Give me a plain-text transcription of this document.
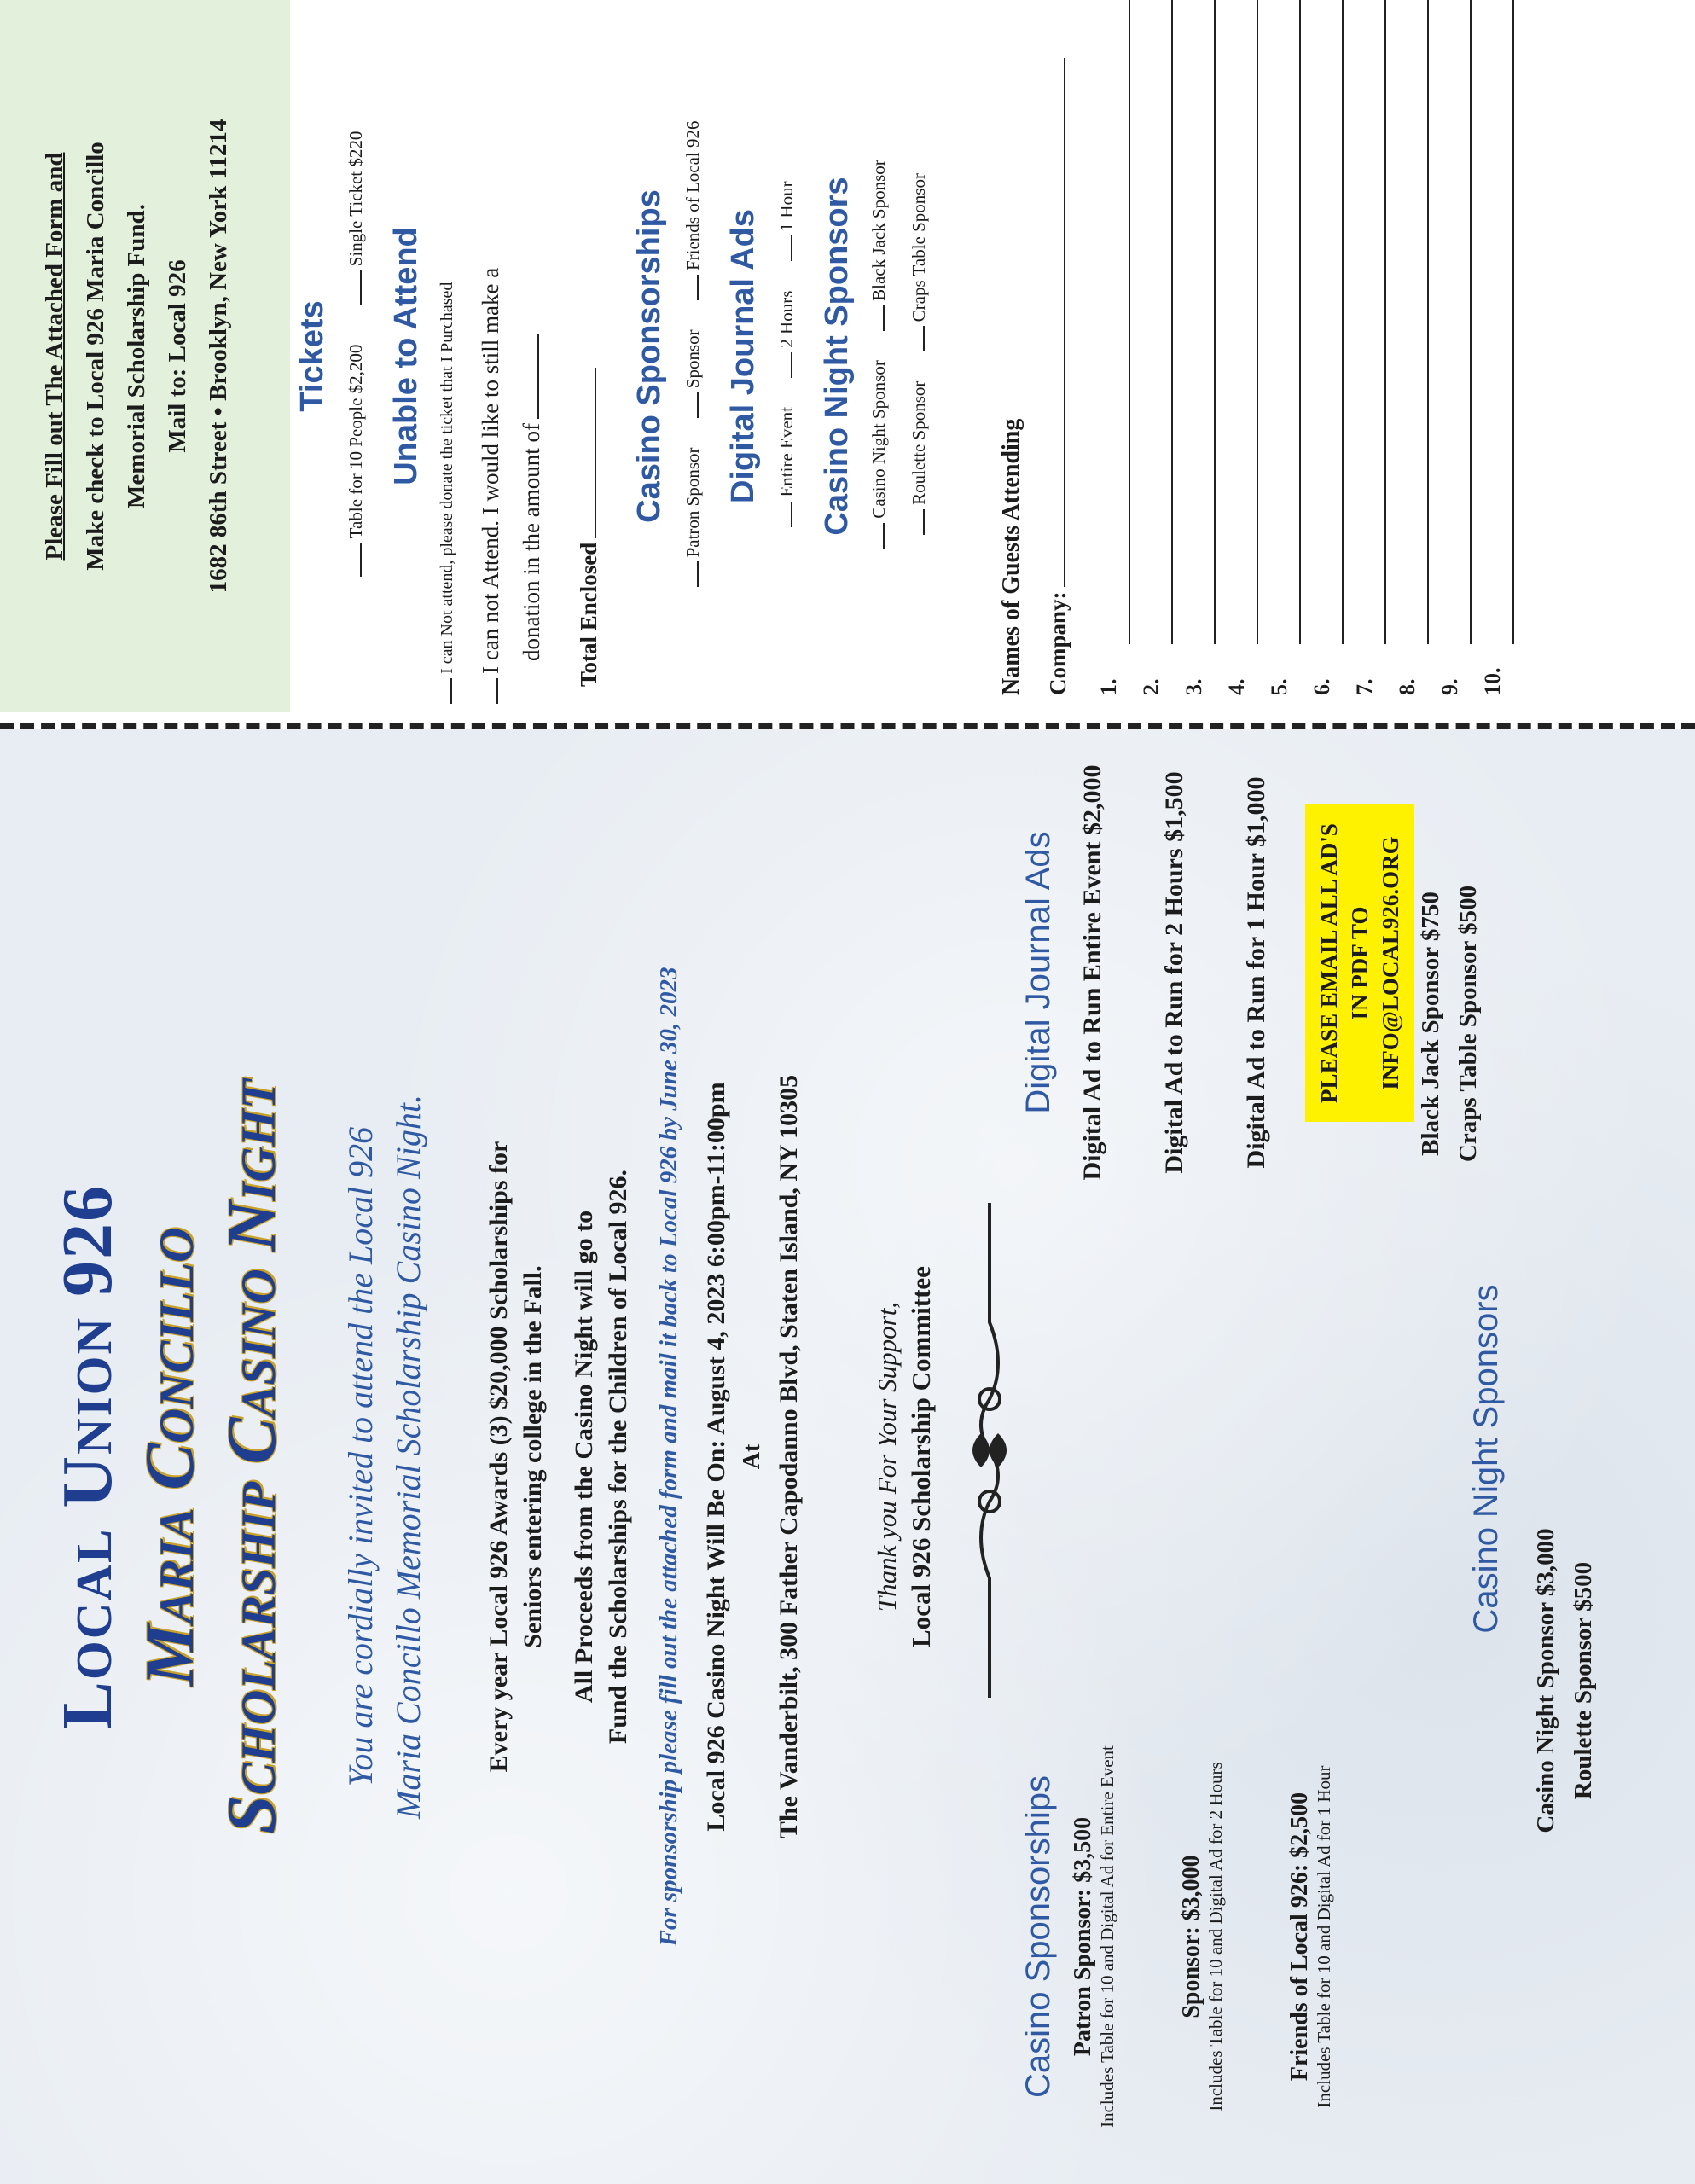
Local Union 926 Maria Concillo Scholarship Casino Night You are cordially invited to attend the Local 926 Maria Concillo Memorial Scholarship Casino Night. Every year Local 926 Awards (3) $20,000 Scholarships for Seniors entering college in the Fall. All Proceeds from the Casino Night will go to Fund the Scholarships for the Children of Local 926. For sponsorship please fill out the attached form and mail it back to Local 926 by June 30, 2023 Local 926 Casino Night Will Be On: August 4, 2023 6:00pm-11:00pm At The Vanderbilt, 300 Father Capodanno Blvd, Staten Island, NY 10305	Thank you For Your Support, Local 926 Scholarship Committee
Casino Sponsorships Patron Sponsor: $3,500 Includes Table for 10 and Digital Ad for Entire Event	Sponsor: $3,000 Includes Table for 10 and Digital Ad for 2 Hours	Friends of Local 926: $2,500 Includes Table for 10 and Digital Ad for 1 Hour
Digital Journal Ads Digital Ad to Run Entire Event $2,000 Digital Ad to Run for 2 Hours $1,500 Digital Ad to Run for 1 Hour $1,000 PLEASE EMAIL ALL AD'S IN PDF TO INFO@LOCAL926.ORG
Casino Night Sponsors
Casino Night Sponsor $3,000 Roulette Sponsor $500
Black Jack Sponsor $750 Craps Table Sponsor $500
Please Fill out The Attached Form and Make check to Local 926 Maria Concillo Memorial Scholarship Fund. Mail to: Local 926 1682 86th Street • Brooklyn, New York 11214 Tickets Table for 10 People $2,200   Single Ticket $220
Unable to Attend I can Not attend, please donate the ticket that I Purchased I can not Attend. I would like to still make a donation in the amount of Total Enclosed
Casino Sponsorships Patron Sponsor   Sponsor   Friends of Local 926
Digital Journal Ads Entire Event   2 Hours   1 Hour Casino Night Sponsors Casino Night Sponsor   Black Jack Sponsor
Roulette Sponsor   Craps Table Sponsor
Names of Guests Attending Company: 1. 2. 3. 4. 5. 6. 7. 8. 9. 10.
